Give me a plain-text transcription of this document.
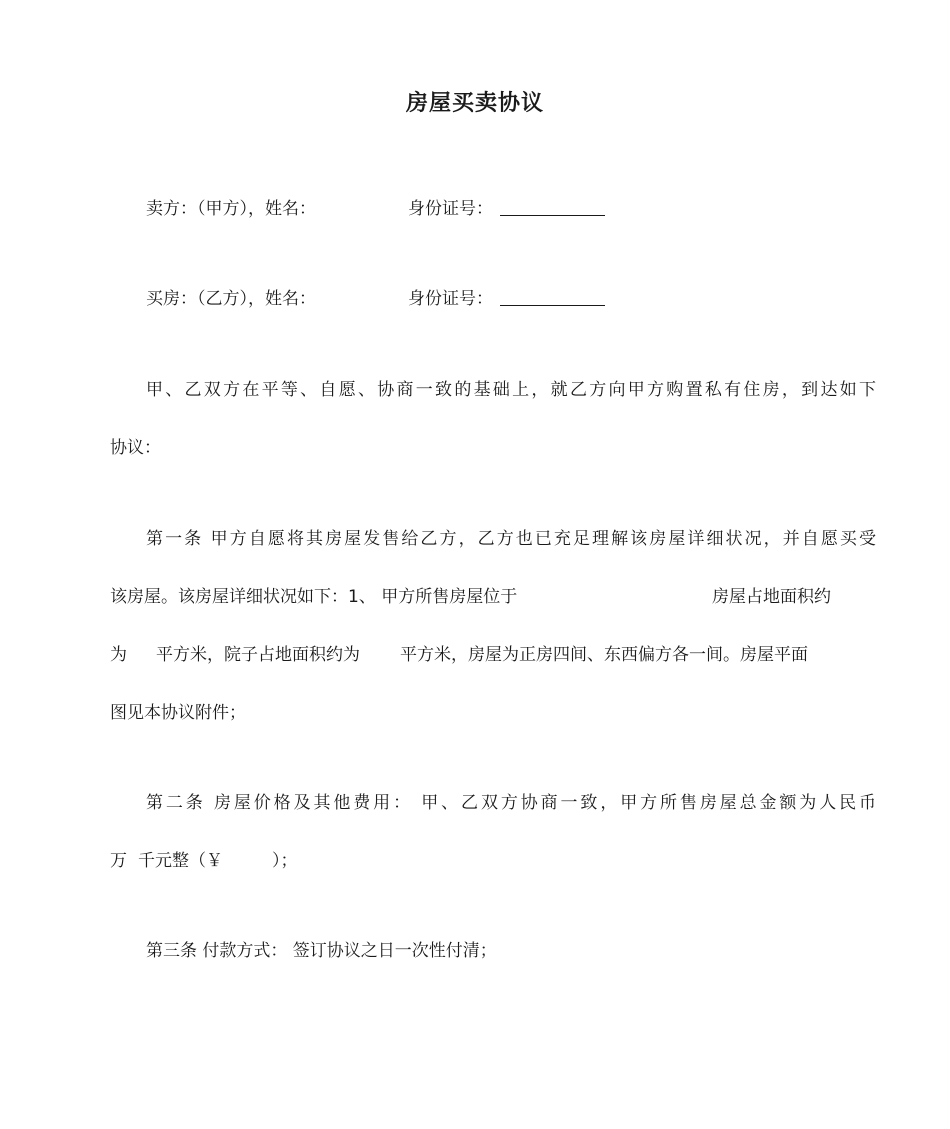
房屋买卖协议
卖方：（甲方），姓名：	身份证号：
买房：（乙方），姓名：	身份证号：
甲、乙双方在平等、自愿、协商一致的基础上，就乙方向甲方购置私有住房，到达如下
协议：
第一条 甲方自愿将其房屋发售给乙方，乙方也已充足理解该房屋详细状况，并自愿买受
该房屋。该房屋详细状况如下：1、 甲方所售房屋位于	房屋占地面积约
为 平方米，院子占地面积约为 平方米，房屋为正房四间、东西偏方各一间。房屋平面
图见本协议附件；
第二条 房屋价格及其他费用： 甲、乙双方协商一致，甲方所售房屋总金额为人民币
万 千元整（￥	）；
第三条 付款方式： 签订协议之日一次性付清；
